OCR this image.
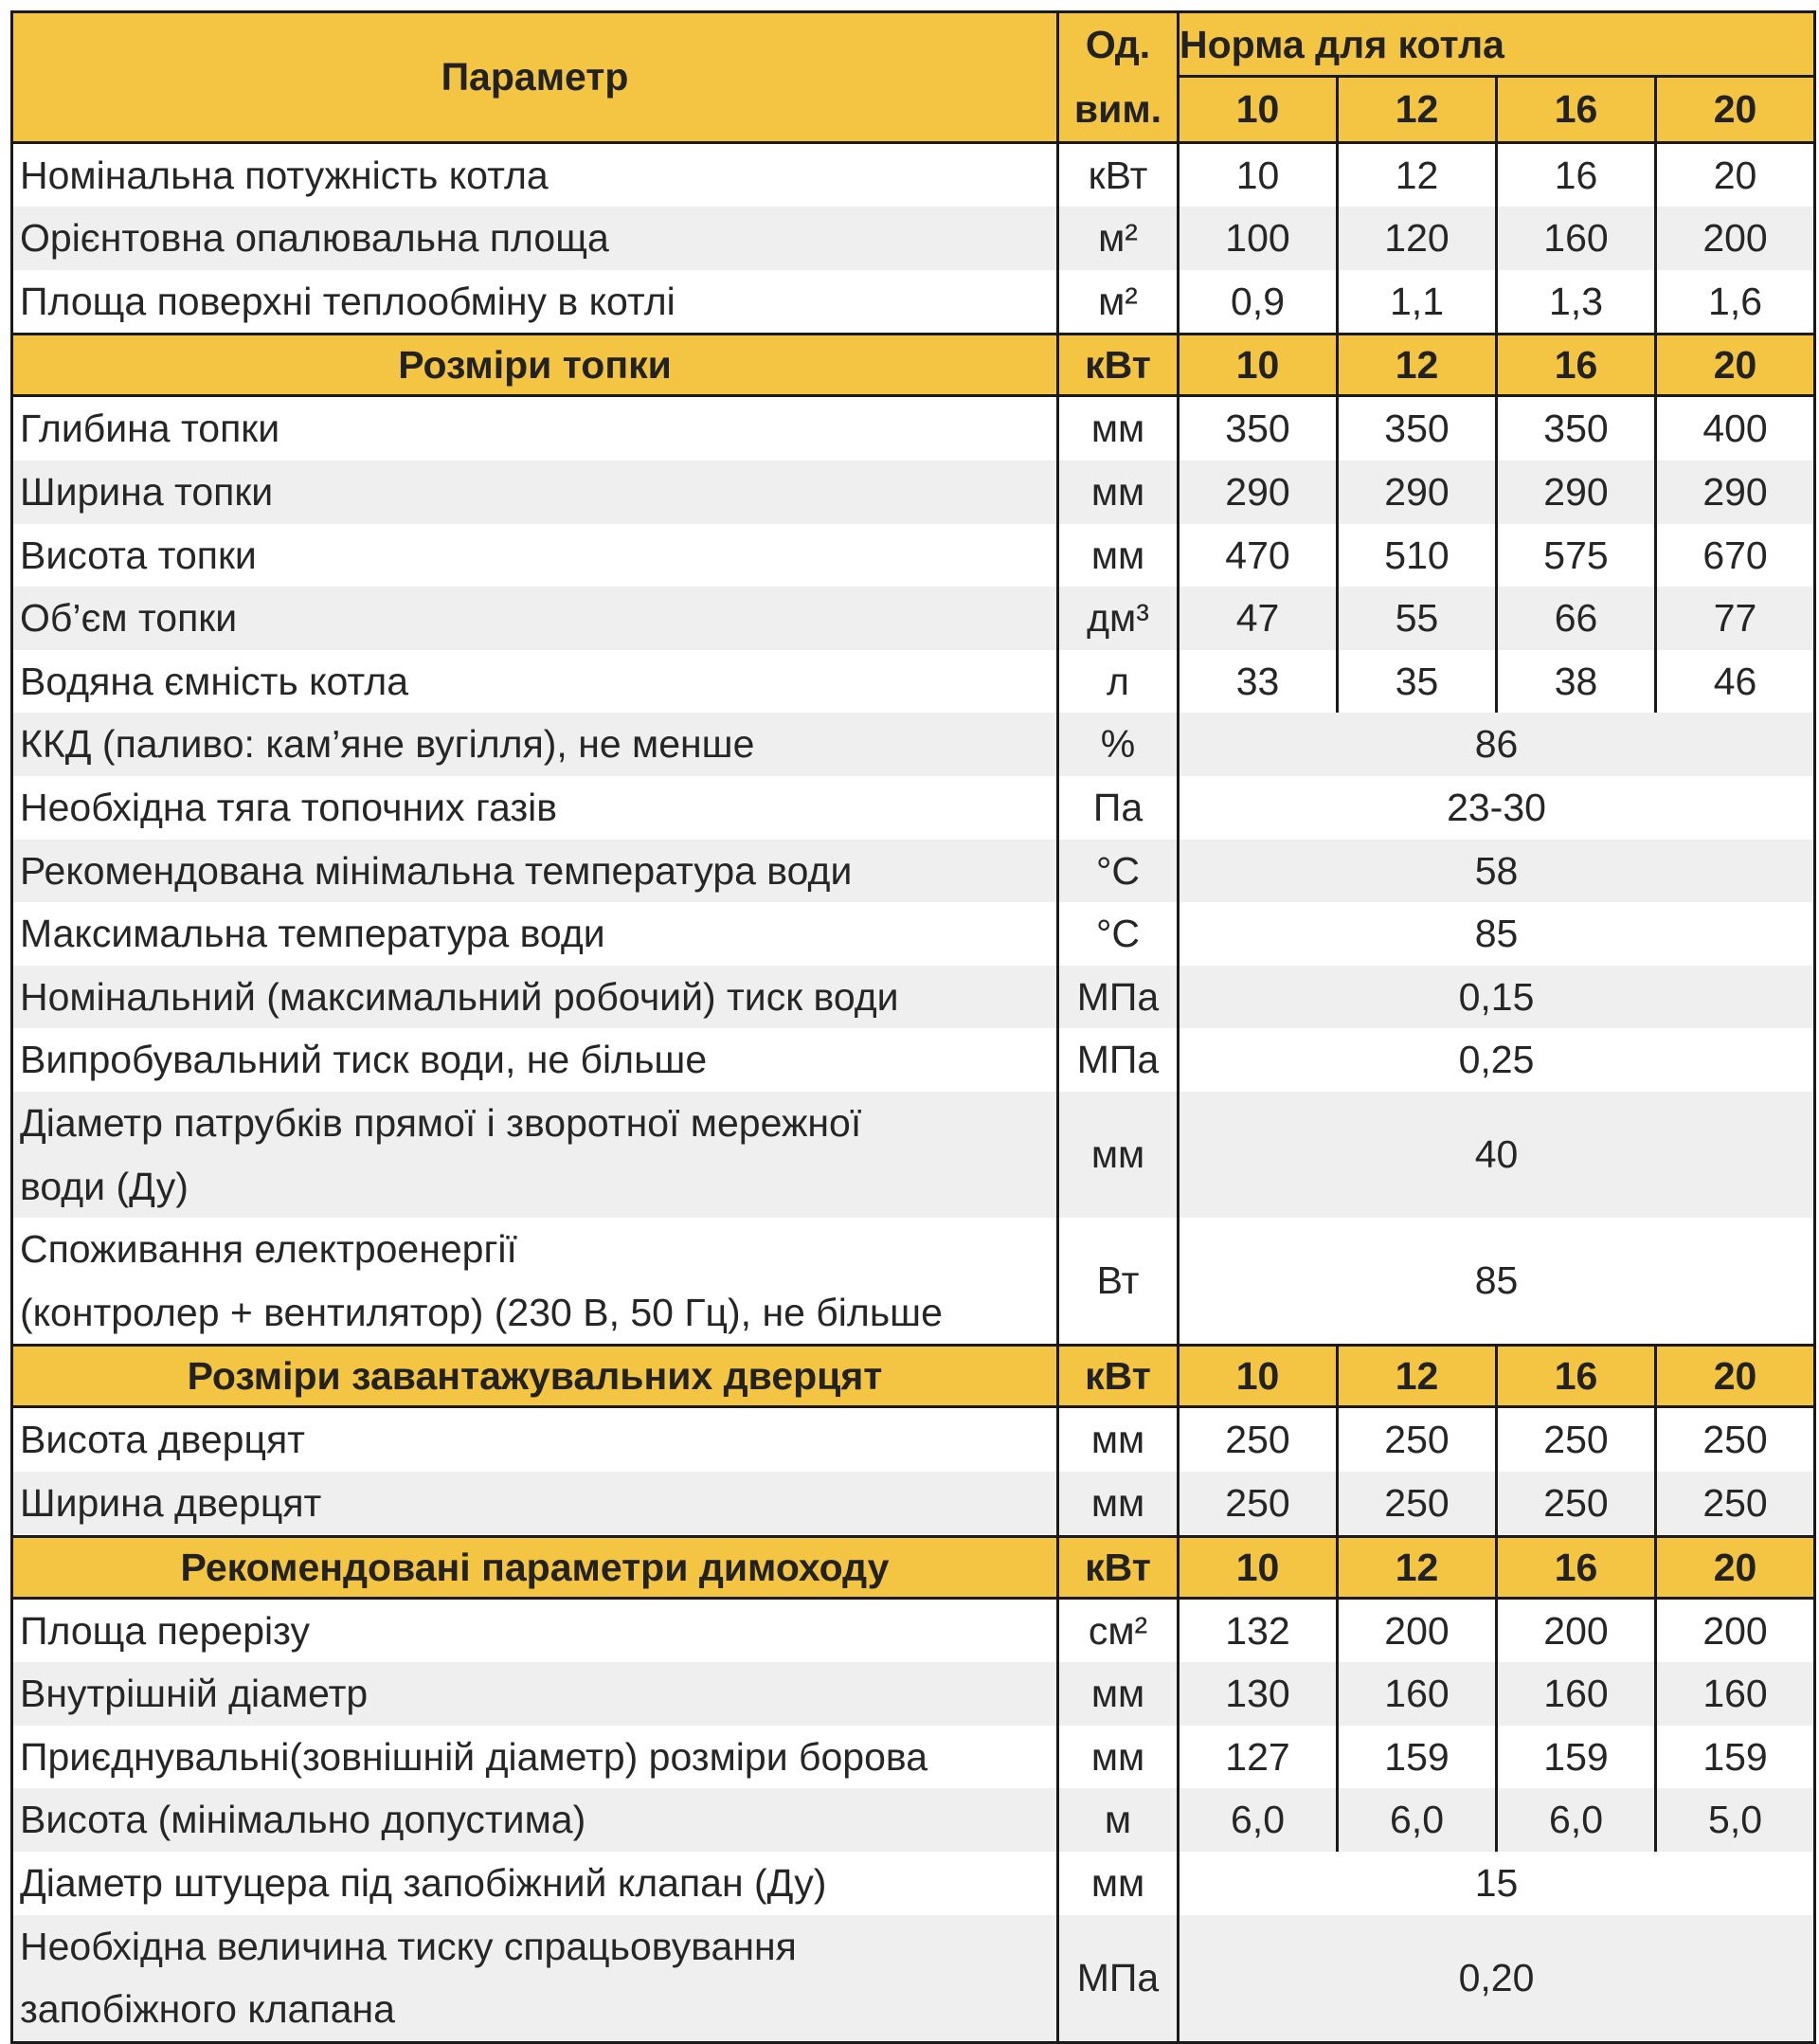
Параметр	Од.	Норма для котла			
	вим.	10	12	16	20
Номінальна потужність котла	кВт	10	12	16	20
Орієнтовна опалювальна площа	м²	100	120	160	200
Площа поверхні теплообміну в котлі	м²	0,9	1,1	1,3	1,6
Розміри топки	кВт	10	12	16	20
Глибина топки	мм	350	350	350	400
Ширина топки	мм	290	290	290	290
Висота топки	мм	470	510	575	670
Об’єм топки	дм³	47	55	66	77
Водяна ємність котла	л	33	35	38	46
ККД (паливо: кам’яне вугілля), не менше	%	86			
Необхідна тяга топочних газів	Па	23-30			
Рекомендована мінімальна температура води	°С	58			
Максимальна температура води	°С	85			
Номінальний (максимальний робочий) тиск води	МПа	0,15			
Випробувальний тиск води, не більше	МПа	0,25			
Діаметр патрубків прямої і зворотної мережної
води (Ду)	мм	40			
Споживання електроенергії
(контролер + вентилятор) (230 В, 50 Гц), не більше	Вт	85			
Розміри завантажувальних дверцят	кВт	10	12	16	20
Висота дверцят	мм	250	250	250	250
Ширина дверцят	мм	250	250	250	250
Рекомендовані параметри димоходу	кВт	10	12	16	20
Площа перерізу	см²	132	200	200	200
Внутрішній діаметр	мм	130	160	160	160
Приєднувальні(зовнішній діаметр) розміри борова	мм	127	159	159	159
Висота (мінімально допустима)	м	6,0	6,0	6,0	5,0
Діаметр штуцера під запобіжний клапан (Ду)	мм	15			
Необхідна величина тиску спрацьовування
запобіжного клапана	МПа	0,20			
